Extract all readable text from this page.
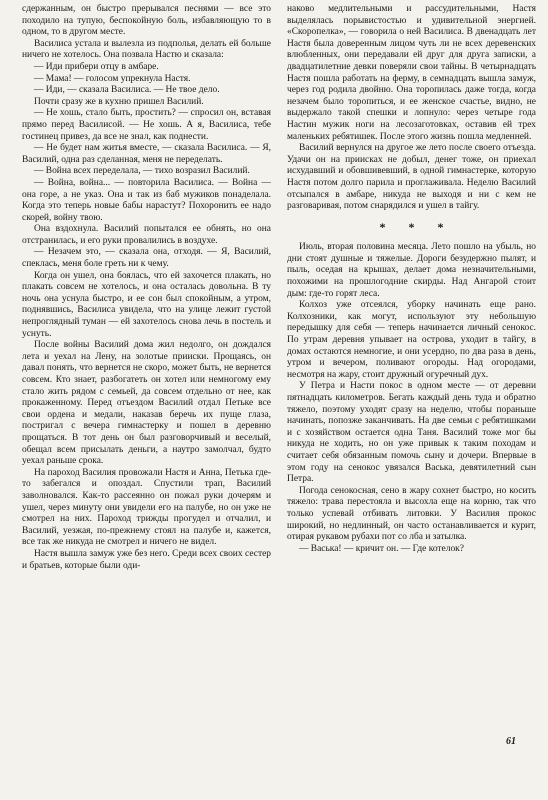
сдержанным, он быстро прерывался песнями — все это походило на тупую, беспокойную боль, избавляющую то в одном, то в другом месте.

Василиса устала и вылезла из подполья, делать ей больше ничего не хотелось. Она позвала Настю и сказала:

— Иди прибери отцу в амбаре.

— Мама! — голосом упрекнула Настя.

— Иди, — сказала Василиса. — Не твое дело.

Почти сразу же в кухню пришел Василий.

— Не хошь, стало быть, простить? — спросил он, вставая прямо перед Василисой. — Не хошь. А я, Василиса, тебе гостинец привез, да все не знал, как поднести.

— Не будет нам житья вместе, — сказала Василиса. — Я, Василий, одна раз сделанная, меня не переделать.

— Война всех переделала, — тихо возразил Василий.

— Война, война... — повторила Василиса. — Война — она горе, а не указ. Она и так из баб мужиков понаделала. Когда это теперь новые бабы нарастут? Похоронить ее надо скорей, войну твою.

Она вздохнула. Василий попытался ее обнять, но она отстранилась, и его руки провалились в воздухе.

— Незачем это, — сказала она, отходя. — Я, Василий, спеклась, меня боле греть ни к чему.

Когда он ушел, она боялась, что ей захочется плакать, но плакать совсем не хотелось, и она осталась довольна. В ту ночь она уснула быстро, и ее сон был спокойным, а утром, поднявшись, Василиса увидела, что на улице лежит густой непроглядный туман — ей захотелось снова лечь в постель и уснуть.

После войны Василий дома жил недолго, он дождался лета и уехал на Лену, на золотые прииски. Прощаясь, он давал понять, что вернется не скоро, может быть, не вернется совсем. Кто знает, разбогатеть он хотел или немногому ему стало жить рядом с семьей, да совсем отдельно от нее, как прокаженному. Перед отъездом Василий отдал Петьке все свои ордена и медали, наказав беречь их пуще глаза, постригал с вечера гимнастерку и пошел в деревню прощаться. В тот день он был разговорчивый и веселый, обещал всем присылать деньги, а наутро замолчал, будто уехал раньше срока.

На пароход Василия провожали Настя и Анна, Петька где-то забегался и опоздал. Спустили трап, Василий заволновался. Как-то рассеянно он пожал руки дочерям и ушел, через минуту они увидели его на палубе, но он уже не смотрел на них. Пароход трижды прогудел и отчалил, и Василий, уезжая, по-прежнему стоял на палубе и, кажется, все так же никуда не смотрел и ничего не видел.

Настя вышла замуж уже без него. Среди всех своих сестер и братьев, которые были оди-

наково медлительными и рассудительными, Настя выделялась порывистостью и удивительной энергией. «Скоропелка», — говорила о ней Василиса. В двенадцать лет Настя была доверенным лицом чуть ли не всех деревенских влюбленных, они передавали ей друг для друга записки, а двадцатилетние девки поверяли свои тайны. В четырнадцать Настя пошла работать на ферму, в семнадцать вышла замуж, через год родила двойню. Она торопилась даже тогда, когда незачем было торопиться, и ее женское счастье, видно, не выдержало такой спешки и лопнуло: через четыре года Настин мужик ноги на лесозаготовках, оставив ей трех маленьких ребятишек. После этого жизнь пошла медленней.

Василий вернулся на другое же лето после своего отъезда. Удачи он на приисках не добыл, денег тоже, он приехал исхудавший и обовшивевший, в одной гимнастерке, которую Настя потом долго парила и проглаживала. Неделю Василий отсыпался в амбаре, никуда не выходя и ни с кем не разговаривая, потом снарядился и ушел в тайгу.

* * *

Июль, вторая половина месяца. Лето пошло на убыль, но дни стоят душные и тяжелые. Дороги безудержно пылят, и пыль, оседая на крышах, делает дома незначительными, похожими на прошлогодние скирды. Над Ангарой стоит дым: где-то горят леса.

Колхоз уже отсеялся, уборку начинать еще рано. Колхозники, как могут, используют эту небольшую передышку для себя — теперь начинается личный сенокос. По утрам деревня упывает на острова, уходит в тайгу, в домах остаются немногие, и они усердно, по два раза в день, утром и вечером, поливают огороды. Над огородами, несмотря на жару, стоит дружный огуречный дух.

У Петра и Насти покос в одном месте — от деревни пятнадцать километров. Бегать каждый день туда и обратно тяжело, поэтому уходят сразу на неделю, чтобы пораньше начинать, попозже заканчивать. На две семьи с ребятишками и с хозяйством остается одна Таня. Василий тоже мог бы никуда не ходить, но он уже привык к таким походам и считает себя обязанным помочь сыну и дочери. Впервые в этом году на сенокос увязался Васька, девятилетний сын Петра.

Погода сенокосная, сено в жару сохнет быстро, но косить тяжело: трава перестояла и высохла еще на корню, так что только успевай отбивать литовки. У Василия прокос широкий, но недлинный, он часто останавливается и курит, отирая рукавом рубахи пот со лба и затылка.

— Васька! — кричит он. — Где котелок?

61
